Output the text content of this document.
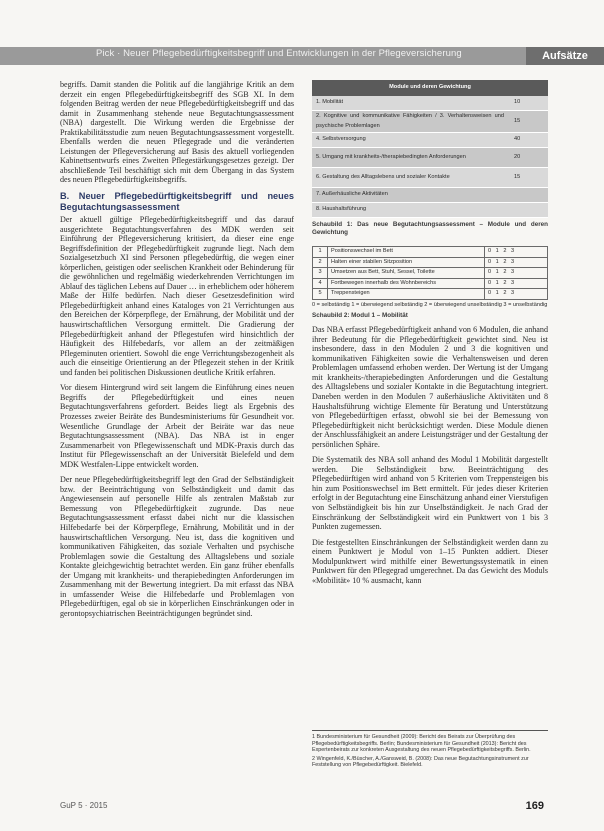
Pick · Neuer Pflegebedürftigkeitsbegriff und Entwicklungen in der Pflegeversicherung	Aufsätze

begriffs. Damit standen die Politik auf die langjährige Kritik an dem derzeit ein engen Pflegebedürftigkeitsbegriff des SGB XI. In dem folgenden Beitrag werden der neue Pflegebedürftigkeitsbegriff und das damit in Zusammenhang stehende neue Begutachtungsassessment (NBA) dargestellt. Die Wirkung werden die Ergebnisse der Praktikabilitätsstudie zum neuen Begutachtungsassessment vorgestellt. Ebenfalls werden die neuen Pflegegrade und die veränderten Leistungen der Pflegeversicherung auf Basis des aktuell vorliegenden Kabinettsentwurfs eines Zweiten Pflegestärkungsgesetzes gezeigt. Der abschließende Teil beschäftigt sich mit dem Übergang in das System des neuen Pflegebedürftigkeitsbegriffs.

B. Neuer Pflegebedürftigkeitsbegriff und neues Begutachtungsassessment

Der aktuell gültige Pflegebedürftigkeitsbegriff und das darauf ausgerichtete Begutachtungsverfahren des MDK werden seit Einführung der Pflegeversicherung kritisiert, da dieser eine enge Begriffsdefinition der Pflegebedürftigkeit zugrunde liegt. Nach dem Sozialgesetzbuch XI sind Personen pflegebedürftig, die wegen einer körperlichen, geistigen oder seelischen Krankheit oder Behinderung für die gewöhnlichen und regelmäßig wiederkehrenden Verrichtungen im Ablauf des täglichen Lebens auf Dauer … in erheblichem oder höherem Maße der Hilfe bedürfen. Nach dieser Gesetzesdefinition wird Pflegebedürftigkeit anhand eines Kataloges von 21 Verrichtungen aus den Bereichen der Körperpflege, der Ernährung, der Mobilität und der hauswirtschaftlichen Versorgung ermittelt. Die Gradierung der Pflegebedürftigkeit anhand der Pflegestufen wird hinsichtlich der Häufigkeit des Hilfebedarfs, vor allem an der zeitmäßigen Pflegeminuten orientiert. Sowohl die enge Verrichtungsbezogenheit als auch die einseitige Orientierung an der Pflegezeit stehen in der Kritik und fanden bei politischen Diskussionen deutliche Kritik erfahren.

Vor diesem Hintergrund wird seit langem die Einführung eines neuen Begriffs der Pflegebedürftigkeit und eines neuen Begutachtungsverfahrens gefordert. Beides liegt als Ergebnis des Prozesses zweier Beiräte des Bundesministeriums für Gesundheit vor. Wesentliche Grundlage der Arbeit der Beiräte war das neue Begutachtungsassessment (NBA). Das NBA ist in enger Zusammenarbeit von Pflegewissenschaft und MDK-Praxis durch das Institut für Pflegewissenschaft an der Universität Bielefeld und dem MDK Westfalen-Lippe entwickelt worden.

Der neue Pflegebedürftigkeitsbegriff legt den Grad der Selbständigkeit bzw. der Beeinträchtigung von Selbständigkeit und damit das Angewiesensein auf personelle Hilfe als zentralen Maßstab zur Bemessung von Pflegebedürftigkeit zugrunde. Das neue Begutachtungsassessment erfasst dabei nicht nur die klassischen Hilfebedarfe bei der Körperpflege, Ernährung, Mobilität und in der hauswirtschaftlichen Versorgung. Neu ist, dass die kognitiven und kommunikativen Fähigkeiten, das soziale Verhalten und psychische Problemlagen sowie die Gestaltung des Alltagslebens und soziale Kontakte gleichgewichtig betrachtet werden. Ein ganz früher ebenfalls der Umgang mit krankheits- und therapiebedingten Anforderungen im Zusammenhang mit der Bewertung integriert. Da mit erfasst das NBA in umfassender Weise die Hilfebedarfe und Problemlagen von Pflegebedürftigen, egal ob sie in körperlichen Einschränkungen oder in gerontopsychiatrischen Beeinträchtigungen begründet sind.

Module und deren Gewichtung	
1. Mobilität	10
2. Kognitive und kommunikative Fähigkeiten / 3. Verhaltensweisen und psychische Problemlagen	15
4. Selbstversorgung	40
5. Umgang mit krankheits-/therapiebedingten Anforderungen	20
6. Gestaltung des Alltagslebens und sozialer Kontakte	15
7. Außerhäusliche Aktivitäten	
8. Haushaltsführung	
Schaubild 1: Das neue Begutachtungsassessment – Module und deren Gewichtung
1	Positionswechsel im Bett	0 1 2 3
2	Halten einer stabilen Sitzposition	0 1 2 3
3	Umsetzen aus Bett, Stuhl, Sessel, Toilette	0 1 2 3
4	Fortbewegen innerhalb des Wohnbereichs	0 1 2 3
5	Treppensteigen	0 1 2 3
0 = selbständig 1 = überwiegend selbständig 2 = überwiegend unselbständig 3 = unselbständig
Schaubild 2: Modul 1 – Mobilität

Das NBA erfasst Pflegebedürftigkeit anhand von 6 Modulen, die anhand ihrer Bedeutung für die Pflegebedürftigkeit gewichtet sind. Neu ist insbesondere, dass in den Modulen 2 und 3 die kognitiven und kommunikativen Fähigkeiten sowie die Verhaltensweisen und deren Problemlagen umfassend erhoben werden. Der Wertung ist der Umgang mit krankheits-/therapiebedingten Anforderungen und die Gestaltung des Alltagslebens und sozialer Kontakte in die Begutachtung integriert. Daneben werden in den Modulen 7 außerhäusliche Aktivitäten und 8 Haushaltsführung wichtige Elemente für Beratung und Unterstützung von Pflegebedürftigen erfasst, obwohl sie bei der Bemessung von Pflegebedürftigkeit nicht berücksichtigt werden. Diese Module dienen der Anschlussfähigkeit an andere Leistungsträger und der Gestaltung der persönlichen Sphäre.

Die Systematik des NBA soll anhand des Modul 1 Mobilität dargestellt werden. Die Selbständigkeit bzw. Beeinträchtigung des Pflegebedürftigen wird anhand von 5 Kriterien vom Treppensteigen bis hin zum Positionswechsel im Bett ermittelt. Für jedes dieser Kriterien erfolgt in der Begutachtung eine Einschätzung anhand einer Vierstufigen von Selbständigkeit bis hin zur Unselbständigkeit. Je nach Grad der Einschränkung der Selbständigkeit wird ein Punktwert von 1 bis 3 Punkten zugemessen.

Die festgestellten Einschränkungen der Selbständigkeit werden dann zu einem Punktwert je Modul von 1–15 Punkten addiert. Dieser Modulpunktwert wird mithilfe einer Bewertungssystematik in einen Punktwert für den Pflegegrad umgerechnet. Da das Gewicht des Moduls «Mobilität» 10 % ausmacht, kann

1 Bundesministerium für Gesundheit (2009): Bericht des Beirats zur Überprüfung des Pflegebedürftigkeitsbegriffs. Berlin; Bundesministerium für Gesundheit (2013): Bericht des Expertenbeirats zur konkreten Ausgestaltung des neuen Pflegebedürftigkeitsbegriffs. Berlin.
2 Wingenfeld, K./Büscher, A./Gansweid, B. (2008): Das neue Begutachtungsinstrument zur Feststellung von Pflegebedürftigkeit. Bielefeld.
GuP 5 · 2015	169
